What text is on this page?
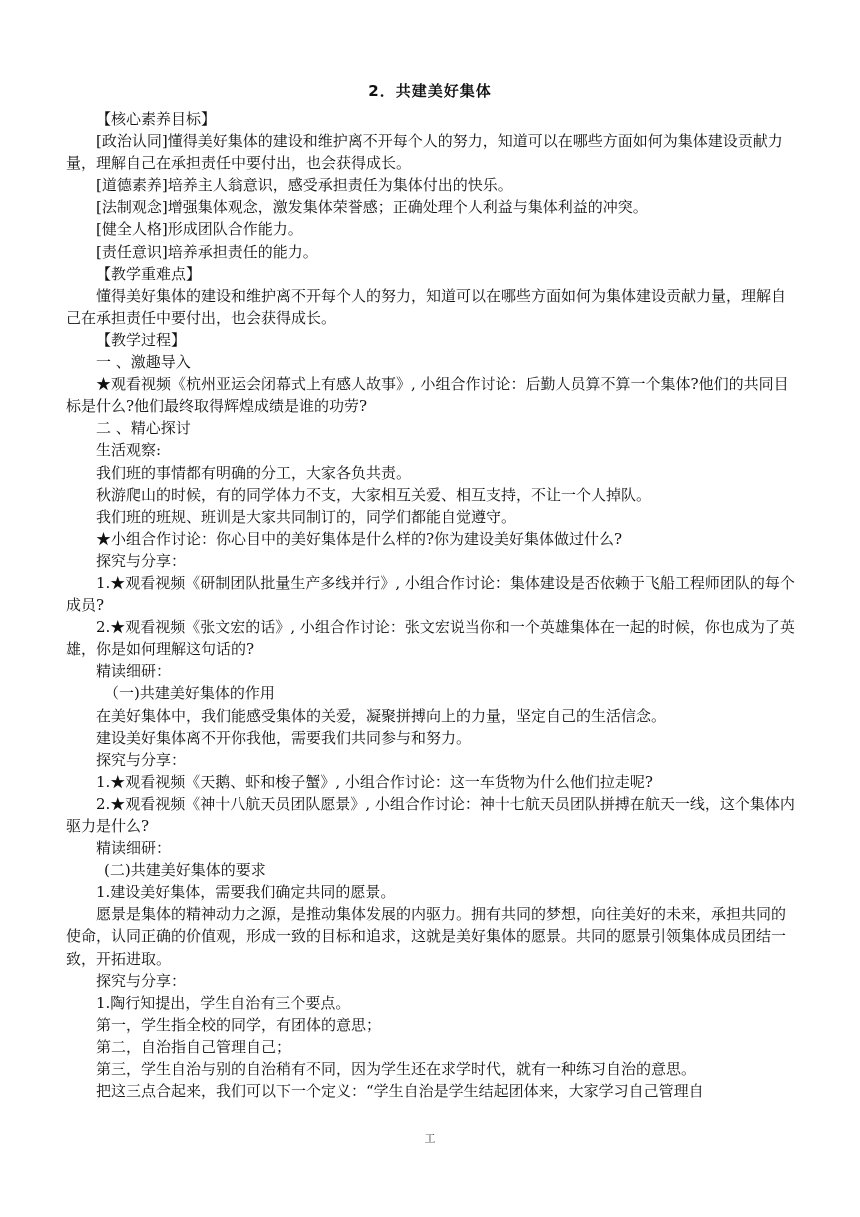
2．共建美好集体

【核心素养目标】

[政治认同]懂得美好集体的建设和维护离不开每个人的努力，知道可以在哪些方面如何为集体建设贡献力量，理解自己在承担责任中要付出，也会获得成长。

[道德素养]培养主人翁意识，感受承担责任为集体付出的快乐。

[法制观念]增强集体观念，激发集体荣誉感；正确处理个人利益与集体利益的冲突。

[健全人格]形成团队合作能力。

[责任意识]培养承担责任的能力。

【教学重难点】

懂得美好集体的建设和维护离不开每个人的努力，知道可以在哪些方面如何为集体建设贡献力量，理解自己在承担责任中要付出，也会获得成长。

【教学过程】

一 、激趣导入

★观看视频《杭州亚运会闭幕式上有感人故事》, 小组合作讨论：后勤人员算不算一个集体?他们的共同目标是什么?他们最终取得辉煌成绩是谁的功劳?

二 、精心探讨

生活观察:

我们班的事情都有明确的分工，大家各负共责。

秋游爬山的时候，有的同学体力不支，大家相互关爱、相互支持，不让一个人掉队。

我们班的班规、班训是大家共同制订的，同学们都能自觉遵守。

★小组合作讨论：你心目中的美好集体是什么样的?你为建设美好集体做过什么?

探究与分享：

1.★观看视频《研制团队批量生产多线并行》, 小组合作讨论：集体建设是否依赖于飞船工程师团队的每个成员?

2.★观看视频《张文宏的话》, 小组合作讨论：张文宏说当你和一个英雄集体在一起的时候，你也成为了英雄，你是如何理解这句话的?

精读细研：

（一)共建美好集体的作用

在美好集体中，我们能感受集体的关爱，凝聚拼搏向上的力量，坚定自己的生活信念。

建设美好集体离不开你我他，需要我们共同参与和努力。

探究与分享：

1.★观看视频《天鹅、虾和梭子蟹》, 小组合作讨论：这一车货物为什么他们拉走呢?

2.★观看视频《神十八航天员团队愿景》, 小组合作讨论：神十七航天员团队拼搏在航天一线，这个集体内驱力是什么?

精读细研：

(二)共建美好集体的要求

1.建设美好集体，需要我们确定共同的愿景。

愿景是集体的精神动力之源，是推动集体发展的内驱力。拥有共同的梦想，向往美好的未来，承担共同的使命，认同正确的价值观，形成一致的目标和追求，这就是美好集体的愿景。共同的愿景引领集体成员团结一致，开拓进取。

探究与分享：

1.陶行知提出，学生自治有三个要点。

第一，学生指全校的同学，有团体的意思；

第二，自治指自己管理自己；

第三，学生自治与别的自治稍有不同，因为学生还在求学时代，就有一种练习自治的意思。

把这三点合起来，我们可以下一个定义：“学生自治是学生结起团体来，大家学习自己管理自

工
